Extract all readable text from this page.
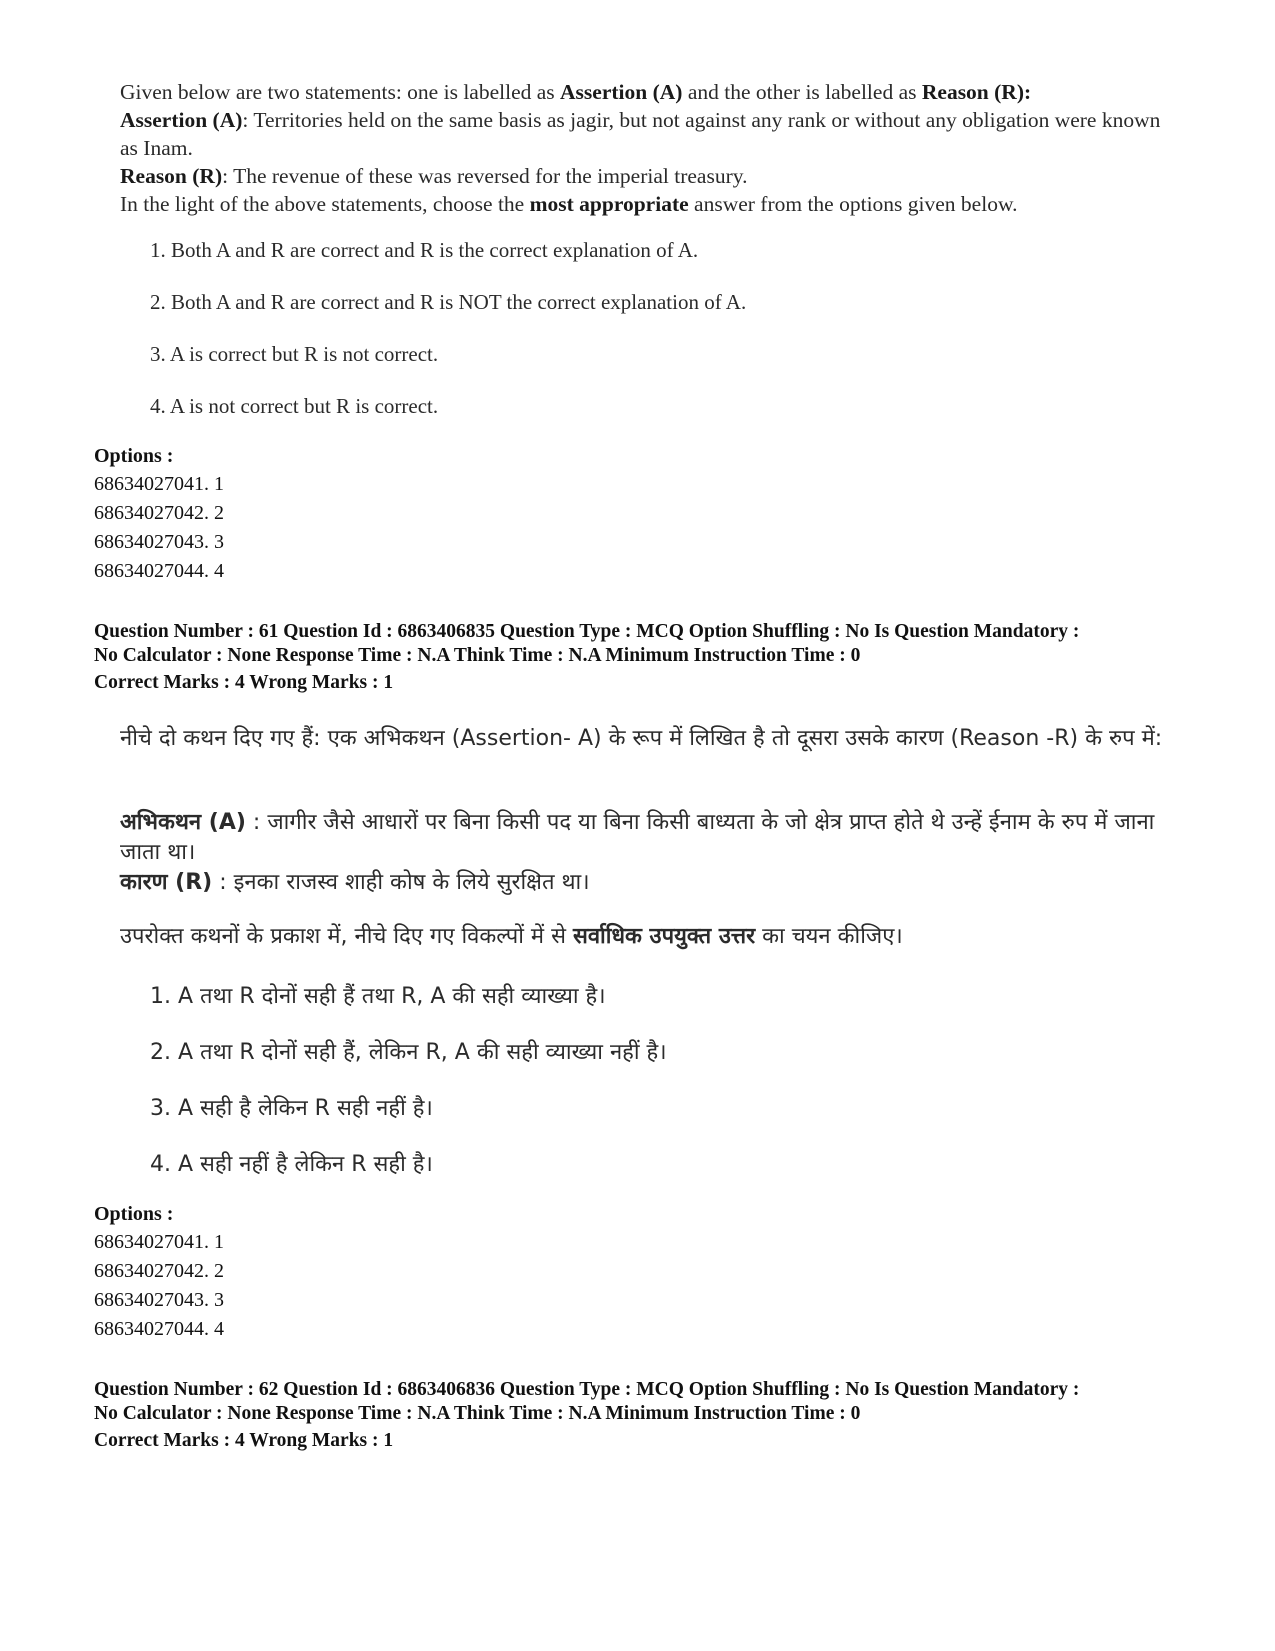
Given below are two statements: one is labelled as Assertion (A) and the other is labelled as Reason (R):

Assertion (A): Territories held on the same basis as jagir, but not against any rank or without any obligation were known as Inam.

Reason (R): The revenue of these was reversed for the imperial treasury.

In the light of the above statements, choose the most appropriate answer from the options given below.

1. Both A and R are correct and R is the correct explanation of A.
2. Both A and R are correct and R is NOT the correct explanation of A.
3. A is correct but R is not correct.
4. A is not correct but R is correct.
Options :
68634027041. 1
68634027042. 2
68634027043. 3
68634027044. 4
Question Number : 61 Question Id : 6863406835 Question Type : MCQ Option Shuffling : No Is Question Mandatory :
No Calculator : None Response Time : N.A Think Time : N.A Minimum Instruction Time : 0
Correct Marks : 4 Wrong Marks : 1

नीचे दो कथन दिए गए हैं: एक अभिकथन (Assertion- A) के रूप में लिखित है तो दूसरा उसके कारण (Reason -R) के रुप में:

अभिकथन (A) : जागीर जैसे आधारों पर बिना किसी पद या बिना किसी बाध्यता के जो क्षेत्र प्राप्त होते थे उन्हें ईनाम के रुप में जाना जाता था।

कारण (R) : इनका राजस्व शाही कोष के लिये सुरक्षित था।

उपरोक्त कथनों के प्रकाश में, नीचे दिए गए विकल्पों में से सर्वाधिक उपयुक्त उत्तर का चयन कीजिए।

1. A तथा R दोनों सही हैं तथा R, A की सही व्याख्या है।
2. A तथा R दोनों सही हैं, लेकिन R, A की सही व्याख्या नहीं है।
3. A सही है लेकिन R सही नहीं है।
4. A सही नहीं है लेकिन R सही है।
Options :
68634027041. 1
68634027042. 2
68634027043. 3
68634027044. 4
Question Number : 62 Question Id : 6863406836 Question Type : MCQ Option Shuffling : No Is Question Mandatory :
No Calculator : None Response Time : N.A Think Time : N.A Minimum Instruction Time : 0
Correct Marks : 4 Wrong Marks : 1
